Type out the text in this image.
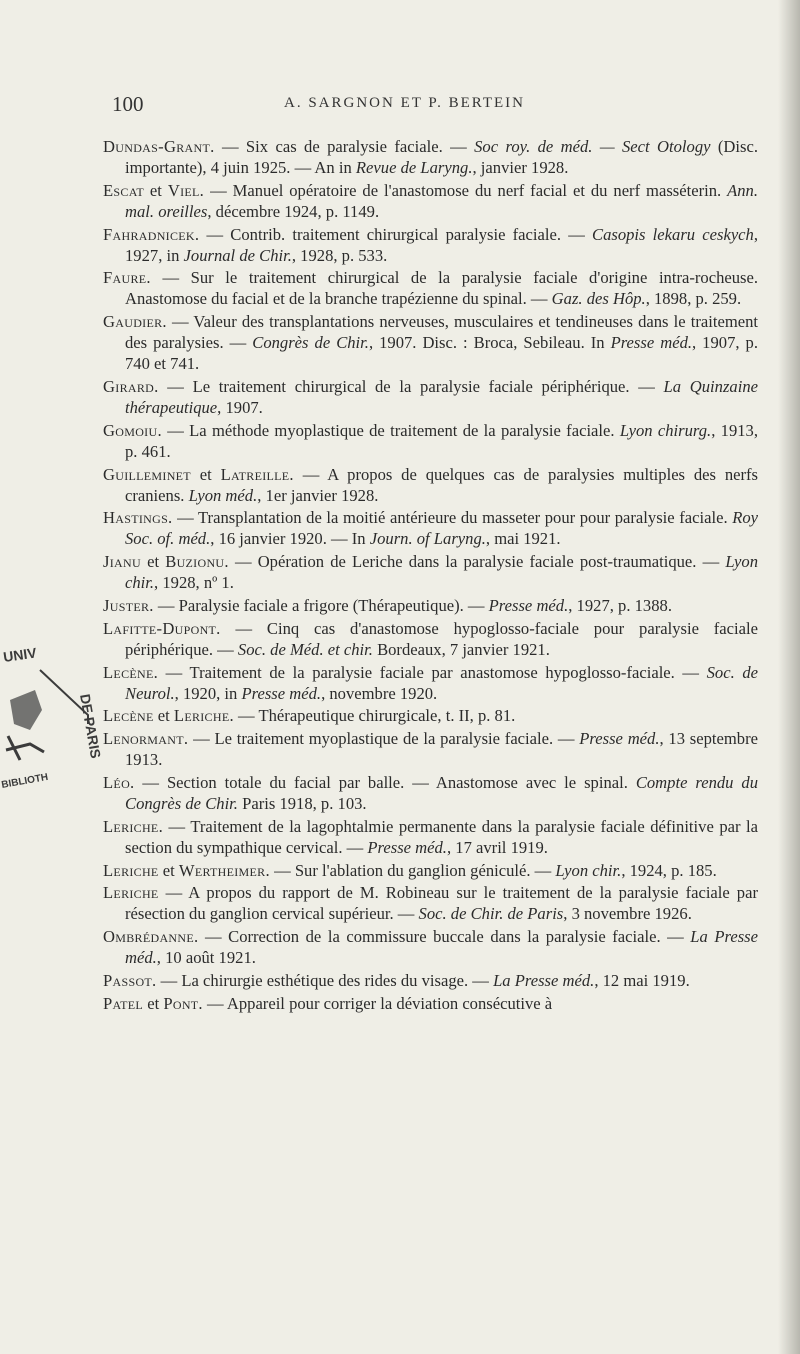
100	A. SARGNON ET P. BERTEIN
UNIV
DE PARIS
BIBLIOTH

Dundas-Grant. — Six cas de paralysie faciale. — Soc roy. de méd. — Sect Otology (Disc. importante), 4 juin 1925. — An in Revue de Laryng., janvier 1928.

Escat et Viel. — Manuel opératoire de l'anastomose du nerf facial et du nerf masséterin. Ann. mal. oreilles, décembre 1924, p. 1149.

Fahradnicek. — Contrib. traitement chirurgical paralysie faciale. — Casopis lekaru ceskych, 1927, in Journal de Chir., 1928, p. 533.

Faure. — Sur le traitement chirurgical de la paralysie faciale d'origine intra-rocheuse. Anastomose du facial et de la branche trapézienne du spinal. — Gaz. des Hôp., 1898, p. 259.

Gaudier. — Valeur des transplantations nerveuses, musculaires et tendineuses dans le traitement des paralysies. — Congrès de Chir., 1907. Disc. : Broca, Sebileau. In Presse méd., 1907, p. 740 et 741.

Girard. — Le traitement chirurgical de la paralysie faciale périphérique. — La Quinzaine thérapeutique, 1907.

Gomoiu. — La méthode myoplastique de traitement de la paralysie faciale. Lyon chirurg., 1913, p. 461.

Guilleminet et Latreille. — A propos de quelques cas de paralysies multiples des nerfs craniens. Lyon méd., 1er janvier 1928.

Hastings. — Transplantation de la moitié antérieure du masseter pour pour paralysie faciale. Roy Soc. of. méd., 16 janvier 1920. — In Journ. of Laryng., mai 1921.

Jianu et Buzionu. — Opération de Leriche dans la paralysie faciale post-traumatique. — Lyon chir., 1928, nº 1.

Juster. — Paralysie faciale a frigore (Thérapeutique). — Presse méd., 1927, p. 1388.

Lafitte-Dupont. — Cinq cas d'anastomose hypoglosso-faciale pour paralysie faciale périphérique. — Soc. de Méd. et chir. Bordeaux, 7 janvier 1921.

Lecène. — Traitement de la paralysie faciale par anastomose hypoglosso-faciale. — Soc. de Neurol., 1920, in Presse méd., novembre 1920.

Lecène et Leriche. — Thérapeutique chirurgicale, t. II, p. 81.

Lenormant. — Le traitement myoplastique de la paralysie faciale. — Presse méd., 13 septembre 1913.

Léo. — Section totale du facial par balle. — Anastomose avec le spinal. Compte rendu du Congrès de Chir. Paris 1918, p. 103.

Leriche. — Traitement de la lagophtalmie permanente dans la paralysie faciale définitive par la section du sympathique cervical. — Presse méd., 17 avril 1919.

Leriche et Wertheimer. — Sur l'ablation du ganglion géniculé. — Lyon chir., 1924, p. 185.

Leriche — A propos du rapport de M. Robineau sur le traitement de la paralysie faciale par résection du ganglion cervical supérieur. — Soc. de Chir. de Paris, 3 novembre 1926.

Ombrédanne. — Correction de la commissure buccale dans la paralysie faciale. — La Presse méd., 10 août 1921.

Passot. — La chirurgie esthétique des rides du visage. — La Presse méd., 12 mai 1919.

Patel et Pont. — Appareil pour corriger la déviation consécutive à
